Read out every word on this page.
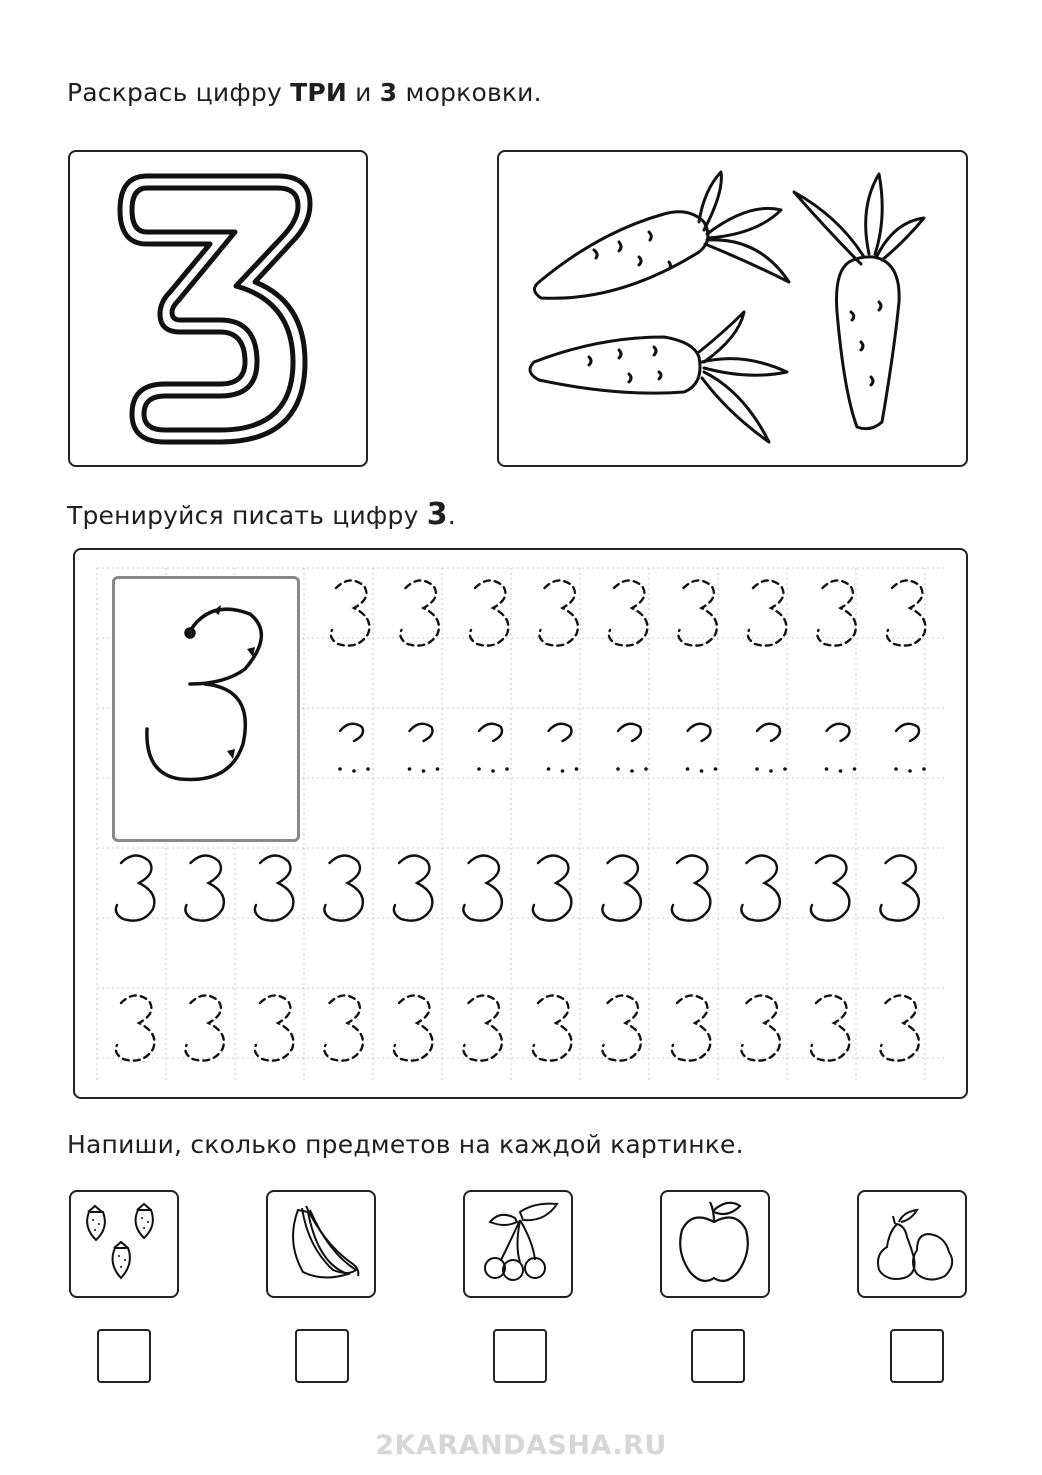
Раскрась цифру ТРИ и 3 морковки.
Тренируйся писать цифру 3.
Напиши, сколько предметов на каждой картинке.
2KARANDASHA.RU
